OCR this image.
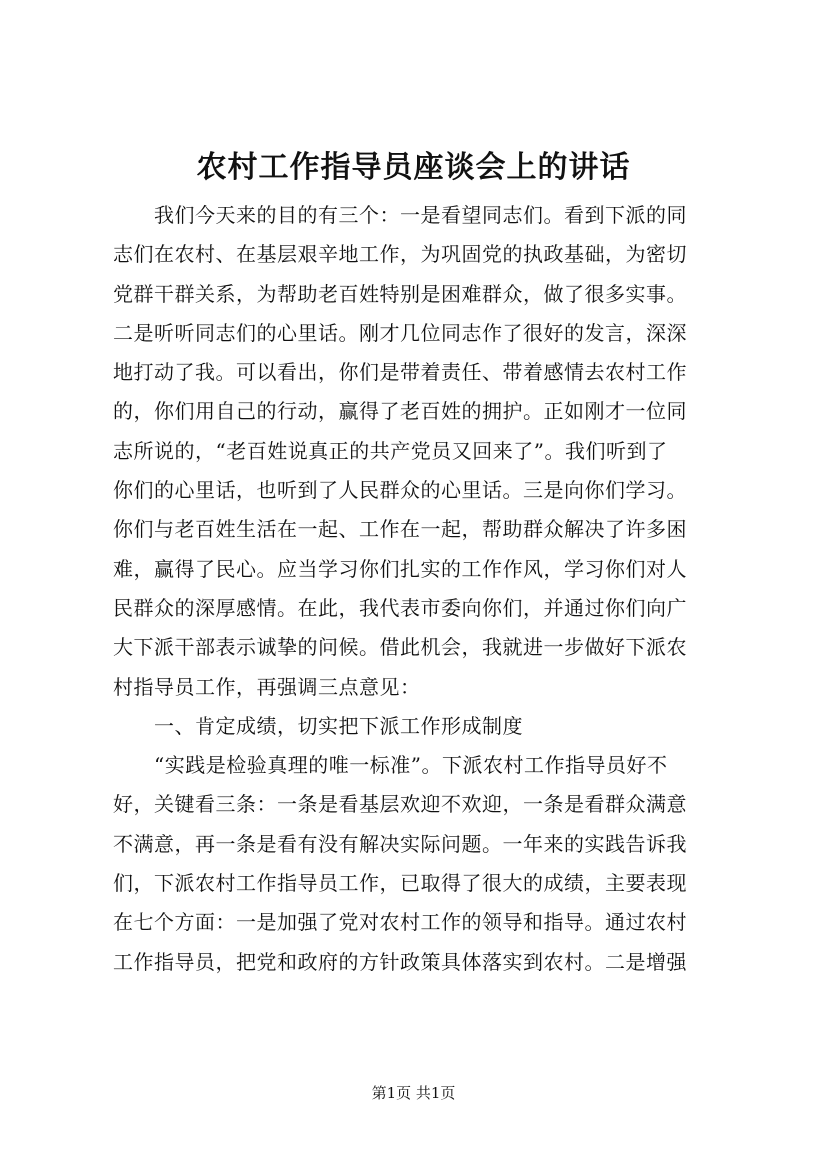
农村工作指导员座谈会上的讲话
　　我们今天来的目的有三个：一是看望同志们。看到下派的同
志们在农村、在基层艰辛地工作，为巩固党的执政基础，为密切
党群干群关系，为帮助老百姓特别是困难群众，做了很多实事。
二是听听同志们的心里话。刚才几位同志作了很好的发言，深深
地打动了我。可以看出，你们是带着责任、带着感情去农村工作
的，你们用自己的行动，赢得了老百姓的拥护。正如刚才一位同
志所说的，“老百姓说真正的共产党员又回来了”。我们听到了
你们的心里话，也听到了人民群众的心里话。三是向你们学习。
你们与老百姓生活在一起、工作在一起，帮助群众解决了许多困
难，赢得了民心。应当学习你们扎实的工作作风，学习你们对人
民群众的深厚感情。在此，我代表市委向你们，并通过你们向广
大下派干部表示诚挚的问候。借此机会，我就进一步做好下派农
村指导员工作，再强调三点意见：
　　一、肯定成绩，切实把下派工作形成制度
　　“实践是检验真理的唯一标准”。下派农村工作指导员好不
好，关键看三条：一条是看基层欢迎不欢迎，一条是看群众满意
不满意，再一条是看有没有解决实际问题。一年来的实践告诉我
们，下派农村工作指导员工作，已取得了很大的成绩，主要表现
在七个方面：一是加强了党对农村工作的领导和指导。通过农村
工作指导员，把党和政府的方针政策具体落实到农村。二是增强
第1页 共1页
